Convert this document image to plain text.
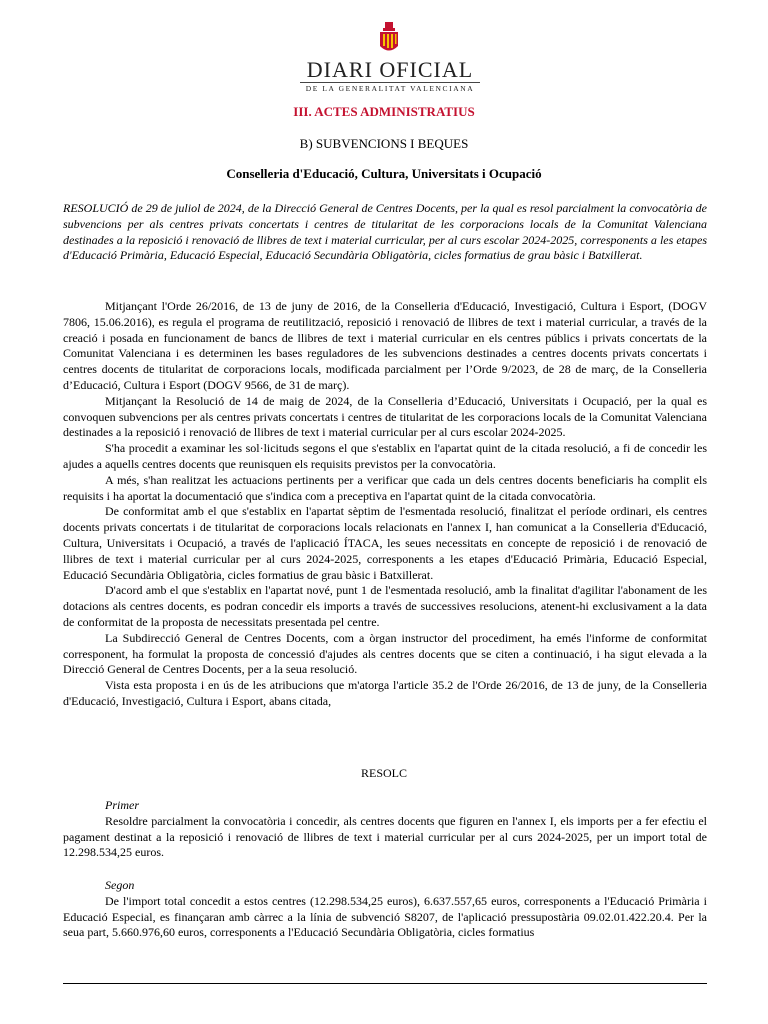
DIARI OFICIAL
DE LA GENERALITAT VALENCIANA
III. ACTES ADMINISTRATIUS
B) SUBVENCIONS I BEQUES
Conselleria d'Educació, Cultura, Universitats i Ocupació
RESOLUCIÓ de 29 de juliol de 2024, de la Direcció General de Centres Docents, per la qual es resol parcialment la convocatòria de subvencions per als centres privats concertats i centres de titularitat de les corporacions locals de la Comunitat Valenciana destinades a la reposició i renovació de llibres de text i material curricular, per al curs escolar 2024-2025, corresponents a les etapes d'Educació Primària, Educació Especial, Educació Secundària Obligatòria, cicles formatius de grau bàsic i Batxillerat.

Mitjançant l'Orde 26/2016, de 13 de juny de 2016, de la Conselleria d'Educació, Investigació, Cultura i Esport, (DOGV 7806, 15.06.2016), es regula el programa de reutilització, reposició i renovació de llibres de text i material curricular, a través de la creació i posada en funcionament de bancs de llibres de text i material curricular en els centres públics i privats concertats de la Comunitat Valenciana i es determinen les bases reguladores de les subvencions destinades a centres docents privats concertats i centres docents de titularitat de corporacions locals, modificada parcialment per l’Orde 9/2023, de 28 de març, de la Conselleria d’Educació, Cultura i Esport (DOGV 9566, de 31 de març).

Mitjançant la Resolució de 14 de maig de 2024, de la Conselleria d’Educació, Universitats i Ocupació, per la qual es convoquen subvencions per als centres privats concertats i centres de titularitat de les corporacions locals de la Comunitat Valenciana destinades a la reposició i renovació de llibres de text i material curricular per al curs escolar 2024-2025.

S'ha procedit a examinar les sol·licituds segons el que s'establix en l'apartat quint de la citada resolució, a fi de concedir les ajudes a aquells centres docents que reunisquen els requisits previstos per la convocatòria.

A més, s'han realitzat les actuacions pertinents per a verificar que cada un dels centres docents beneficiaris ha complit els requisits i ha aportat la documentació que s'indica com a preceptiva en l'apartat quint de la citada convocatòria.

De conformitat amb el que s'establix en l'apartat sèptim de l'esmentada resolució, finalitzat el període ordinari, els centres docents privats concertats i de titularitat de corporacions locals relacionats en l'annex I, han comunicat a la Conselleria d'Educació, Cultura, Universitats i Ocupació, a través de l'aplicació ÍTACA, les seues necessitats en concepte de reposició i de renovació de llibres de text i material curricular per al curs 2024-2025, corresponents a les etapes d'Educació Primària, Educació Especial, Educació Secundària Obligatòria, cicles formatius de grau bàsic i Batxillerat.

D'acord amb el que s'establix en l'apartat nové, punt 1 de l'esmentada resolució, amb la finalitat d'agilitar l'abonament de les dotacions als centres docents, es podran concedir els imports a través de successives resolucions, atenent-hi exclusivament a la data de conformitat de la proposta de necessitats presentada pel centre.

La Subdirecció General de Centres Docents, com a òrgan instructor del procediment, ha emés l'informe de conformitat corresponent, ha formulat la proposta de concessió d'ajudes als centres docents que se citen a continuació, i ha sigut elevada a la Direcció General de Centres Docents, per a la seua resolució.

Vista esta proposta i en ús de les atribucions que m'atorga l'article 35.2 de l'Orde 26/2016, de 13 de juny, de la Conselleria d'Educació, Investigació, Cultura i Esport, abans citada,

RESOLC
Primer

Resoldre parcialment la convocatòria i concedir, als centres docents que figuren en l'annex I, els imports per a fer efectiu el pagament destinat a la reposició i renovació de llibres de text i material curricular per al curs 2024-2025, per un import total de 12.298.534,25 euros.

Segon

De l'import total concedit a estos centres (12.298.534,25 euros), 6.637.557,65 euros, corresponents a l'Educació Primària i Educació Especial, es finançaran amb càrrec a la línia de subvenció S8207, de l'aplicació pressupostària 09.02.01.422.20.4. Per la seua part, 5.660.976,60 euros, corresponents a l'Educació Secundària Obligatòria, cicles formatius
